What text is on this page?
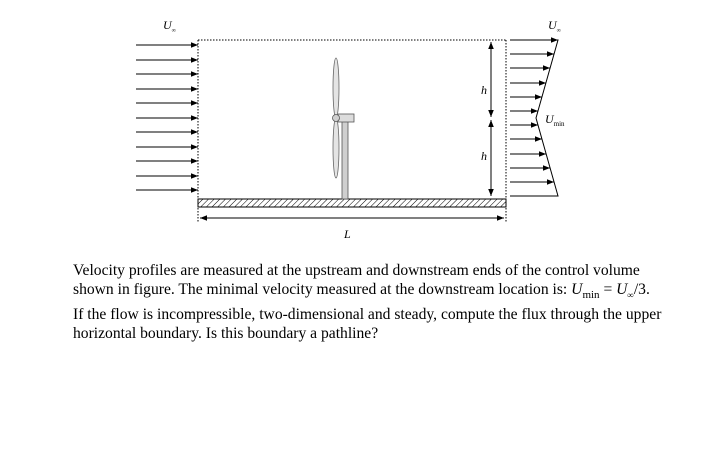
$U_\infty$	$U_\infty$
$U_{min}$
h
h
L

Velocity profiles are measured at the upstream and downstream ends of the control volume shown in figure. The minimal velocity measured at the downstream location is: $U_{min} = U_\infty/3$.

If the flow is incompressible, two-dimensional and steady, compute the flux through the upper horizontal boundary. Is this boundary a pathline?
